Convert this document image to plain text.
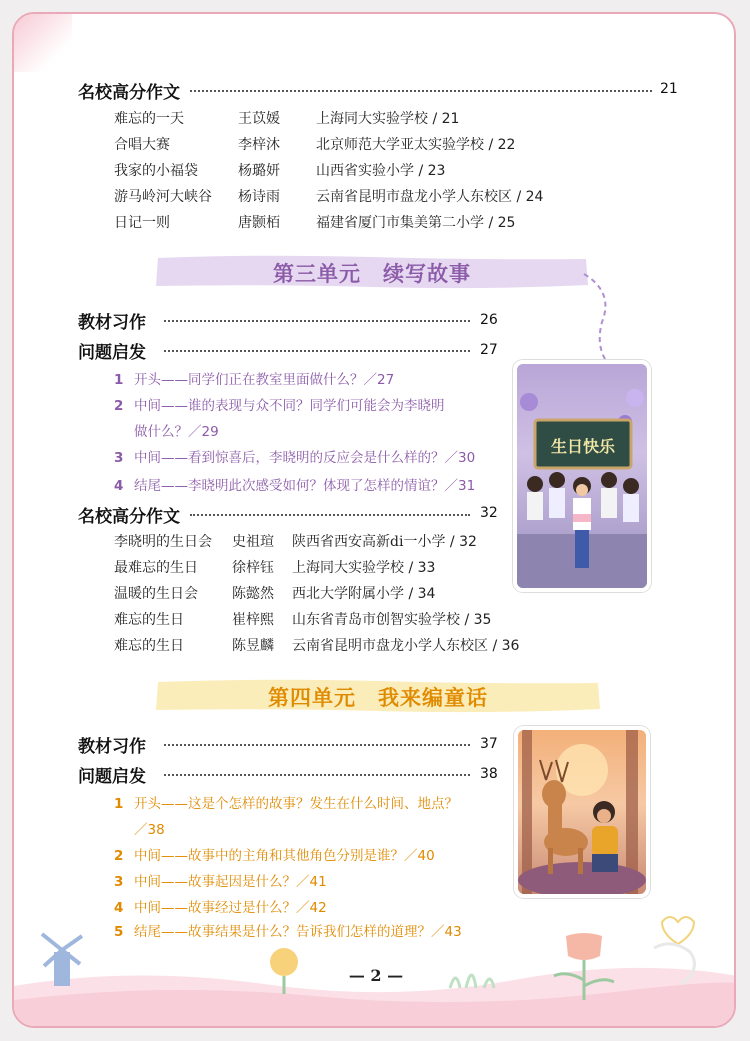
名校高分作文	21
难忘的一天	王苡媛	上海同大实验学校 / 21
合唱大赛	李梓沐	北京师范大学亚太实验学校 / 22
我家的小福袋	杨璐妍	山西省实验小学 / 23
游马岭河大峡谷 杨诗雨	云南省昆明市盘龙小学人东校区 / 24
日记一则	唐颢栢	福建省厦门市集美第二小学 / 25
第三单元　续写故事
教材习作	26
问题启发	27
1 开头——同学们正在教室里面做什么？／27
2 中间——谁的表现与众不同？同学们可能会为李晓明
做什么？／29
3 中间——看到惊喜后，李晓明的反应会是什么样的？／30
4 结尾——李晓明此次感受如何？体现了怎样的情谊？／31
名校高分作文	32
李晓明的生日会 史祖瑄 陕西省西安高新di一小学 / 32
最难忘的生日 徐梓钰 上海同大实验学校 / 33
温暖的生日会 陈懿然 西北大学附属小学 / 34
难忘的生日	崔梓熙 山东省青岛市创智实验学校 / 35
难忘的生日	陈昱麟 云南省昆明市盘龙小学人东校区 / 36
生日快乐
第四单元　我来编童话
教材习作	37
问题启发	38
1 开头——这是个怎样的故事？发生在什么时间、地点？
／38
2 中间——故事中的主角和其他角色分别是谁？／40
3 中间——故事起因是什么？／41
4 中间——故事经过是什么？／42
5 结尾——故事结果是什么？告诉我们怎样的道理？／43
— 2 —
